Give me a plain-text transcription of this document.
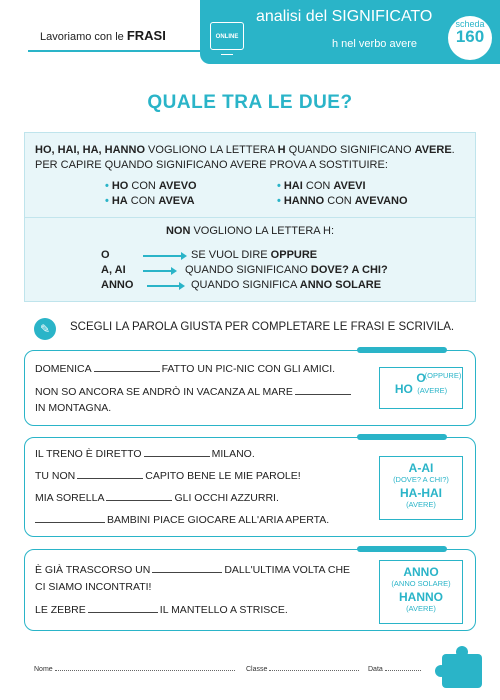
Lavoriamo con le FRASI	ONLINE
analisi del SIGNIFICATO
h nel verbo avere
scheda
160
QUALE TRA LE DUE?
HO, HAI, HA, HANNO VOGLIONO LA LETTERA H QUANDO SIGNIFICANO AVERE.
PER CAPIRE QUANDO SIGNIFICANO AVERE PROVA A SOSTITUIRE:
• HO CON AVEVO	• HAI CON AVEVI
• HA CON AVEVA	• HANNO CON AVEVANO
NON VOGLIONO LA LETTERA H:
O	SE VUOL DIRE OPPURE
A, AI	QUANDO SIGNIFICANO DOVE? A CHI?
ANNO	QUANDO SIGNIFICA ANNO SOLARE
✎	SCEGLI LA PAROLA GIUSTA PER COMPLETARE LE FRASI E SCRIVILA.
DOMENICA	FATTO UN PIC-NIC CON GLI AMICI.
NON SO ANCORA SE ANDRÒ IN VACANZA AL MARE
IN MONTAGNA.
O
(OPPURE)
HO (AVERE)
IL TRENO È DIRETTO	MILANO.
TU NON	CAPITO BENE LE MIE PAROLE!
MIA SORELLA	GLI OCCHI AZZURRI.
BAMBINI PIACE GIOCARE ALL'ARIA APERTA.
A-AI
(DOVE? A CHI?)
HA-HAI
(AVERE)
È GIÀ TRASCORSO UN	DALL'ULTIMA VOLTA CHE
CI SIAMO INCONTRATI!
LE ZEBRE	IL MANTELLO A STRISCE.
ANNO
(ANNO SOLARE)
HANNO
(AVERE)
Nome	Classe	Data
